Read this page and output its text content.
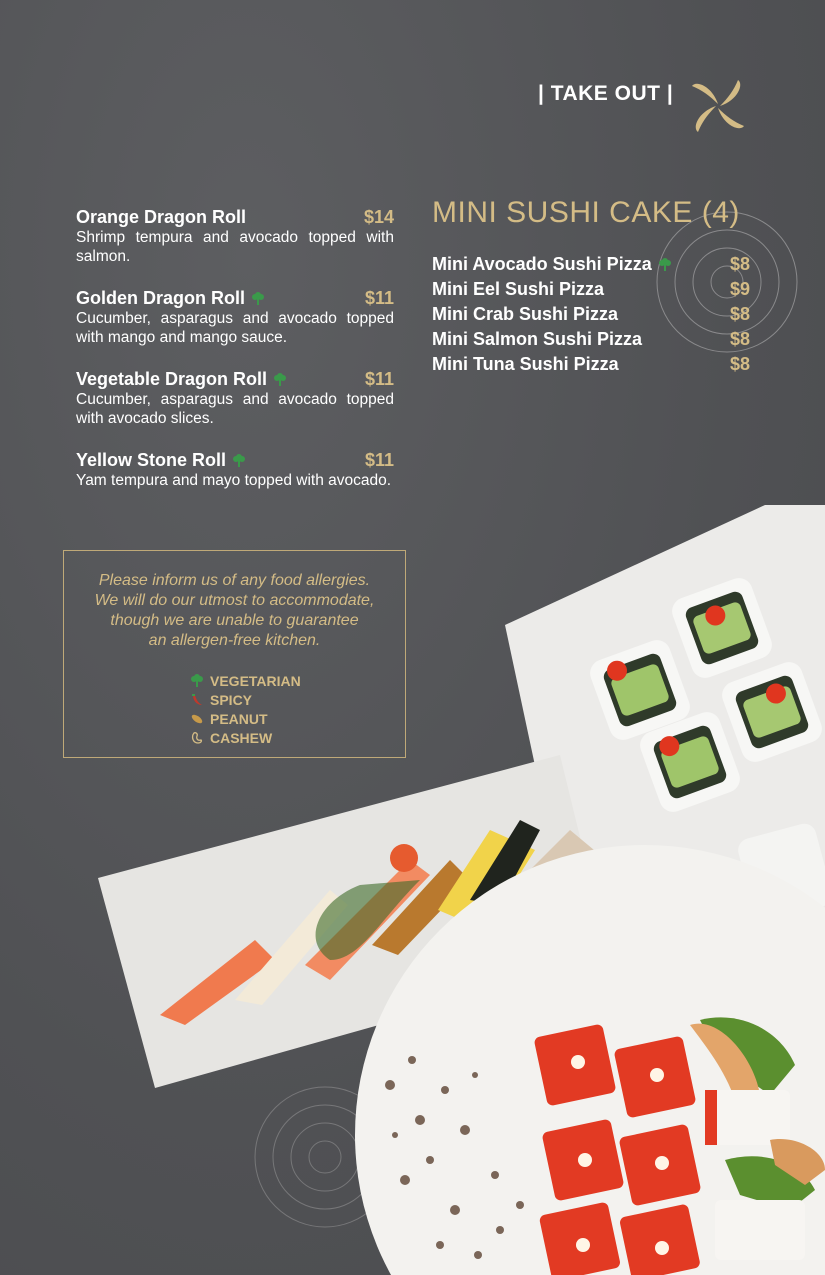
| TAKE OUT |
Orange Dragon Roll	$14
Shrimp tempura and avocado topped with salmon.
Golden Dragon Roll	$11
Cucumber, asparagus and avocado topped with mango and mango sauce.
Vegetable Dragon Roll	$11
Cucumber, asparagus and avocado topped with avocado slices.
Yellow Stone Roll	$11
Yam tempura and mayo topped with avocado.
MINI SUSHI CAKE (4)
Mini Avocado Sushi Pizza	$8
Mini Eel Sushi Pizza	$9
Mini Crab Sushi Pizza	$8
Mini Salmon Sushi Pizza	$8
Mini Tuna Sushi Pizza	$8
Please inform us of any food allergies.
We will do our utmost to accommodate,
though we are unable to guarantee
an allergen-free kitchen.
VEGETARIAN
SPICY
PEANUT
CASHEW
